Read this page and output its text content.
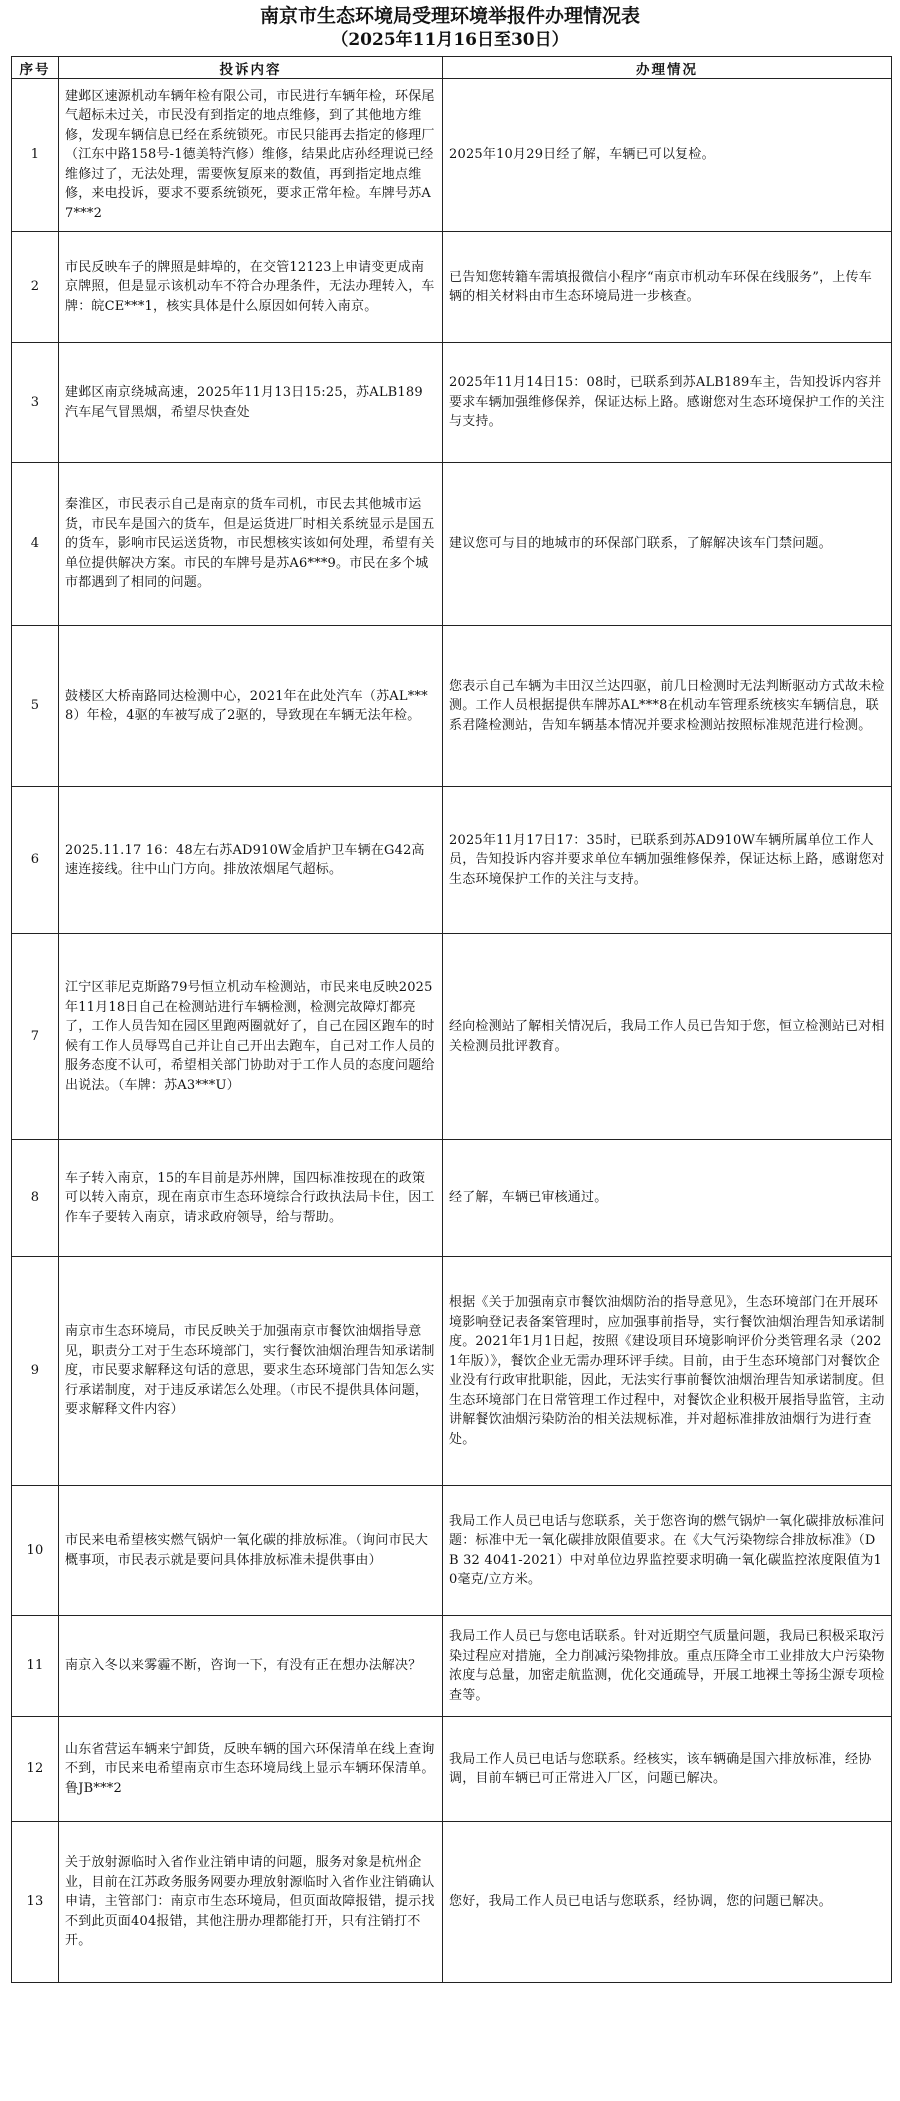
南京市生态环境局受理环境举报件办理情况表
（2025年11月16日至30日）
序号	投诉内容	办理情况
1	建邺区速源机动车辆年检有限公司，市民进行车辆年检，环保尾气超标未过关，市民没有到指定的地点维修，到了其他地方维修，发现车辆信息已经在系统锁死。市民只能再去指定的修理厂（江东中路158号-1德美特汽修）维修，结果此店孙经理说已经维修过了，无法处理，需要恢复原来的数值，再到指定地点维修，来电投诉，要求不要系统锁死，要求正常年检。车牌号苏A7***2	2025年10月29日经了解，车辆已可以复检。
2	市民反映车子的牌照是蚌埠的，在交管12123上申请变更成南京牌照，但是显示该机动车不符合办理条件，无法办理转入，车牌：皖CE***1，核实具体是什么原因如何转入南京。	已告知您转籍车需填报微信小程序“南京市机动车环保在线服务”，上传车辆的相关材料由市生态环境局进一步核查。
3	建邺区南京绕城高速，2025年11月13日15:25，苏ALB189汽车尾气冒黑烟，希望尽快查处	2025年11月14日15：08时，已联系到苏ALB189车主，告知投诉内容并要求车辆加强维修保养，保证达标上路。感谢您对生态环境保护工作的关注与支持。
4	秦淮区，市民表示自己是南京的货车司机，市民去其他城市运货，市民车是国六的货车，但是运货进厂时相关系统显示是国五的货车，影响市民运送货物，市民想核实该如何处理，希望有关单位提供解决方案。市民的车牌号是苏A6***9。市民在多个城市都遇到了相同的问题。	建议您可与目的地城市的环保部门联系，了解解决该车门禁问题。
5	鼓楼区大桥南路同达检测中心，2021年在此处汽车（苏AL***8）年检，4驱的车被写成了2驱的，导致现在车辆无法年检。	您表示自己车辆为丰田汉兰达四驱，前几日检测时无法判断驱动方式故未检测。工作人员根据提供车牌苏AL***8在机动车管理系统核实车辆信息，联系君隆检测站，告知车辆基本情况并要求检测站按照标准规范进行检测。
6	2025.11.17 16：48左右苏AD910W金盾护卫车辆在G42高速连接线。往中山门方向。排放浓烟尾气超标。	2025年11月17日17：35时，已联系到苏AD910W车辆所属单位工作人员，告知投诉内容并要求单位车辆加强维修保养，保证达标上路，感谢您对生态环境保护工作的关注与支持。
7	江宁区菲尼克斯路79号恒立机动车检测站，市民来电反映2025年11月18日自己在检测站进行车辆检测，检测完故障灯都亮了，工作人员告知在园区里跑两圈就好了，自己在园区跑车的时候有工作人员辱骂自己并让自己开出去跑车，自己对工作人员的服务态度不认可，希望相关部门协助对于工作人员的态度问题给出说法。（车牌：苏A3***U）	经向检测站了解相关情况后，我局工作人员已告知于您，恒立检测站已对相关检测员批评教育。
8	车子转入南京，15的车目前是苏州牌，国四标准按现在的政策可以转入南京，现在南京市生态环境综合行政执法局卡住，因工作车子要转入南京，请求政府领导，给与帮助。	经了解，车辆已审核通过。
9	南京市生态环境局，市民反映关于加强南京市餐饮油烟指导意见，职责分工对于生态环境部门，实行餐饮油烟治理告知承诺制度，市民要求解释这句话的意思，要求生态环境部门告知怎么实行承诺制度，对于违反承诺怎么处理。（市民不提供具体问题，要求解释文件内容）	根据《关于加强南京市餐饮油烟防治的指导意见》，生态环境部门在开展环境影响登记表备案管理时，应加强事前指导，实行餐饮油烟治理告知承诺制度。2021年1月1日起，按照《建设项目环境影响评价分类管理名录（2021年版）》，餐饮企业无需办理环评手续。目前，由于生态环境部门对餐饮企业没有行政审批职能，因此，无法实行事前餐饮油烟治理告知承诺制度。但生态环境部门在日常管理工作过程中，对餐饮企业积极开展指导监管，主动讲解餐饮油烟污染防治的相关法规标准，并对超标准排放油烟行为进行查处。
10	市民来电希望核实燃气锅炉一氧化碳的排放标准。（询问市民大概事项，市民表示就是要问具体排放标准未提供事由）	我局工作人员已电话与您联系，关于您咨询的燃气锅炉一氧化碳排放标准问题：标准中无一氧化碳排放限值要求。在《大气污染物综合排放标准》（DB 32 4041-2021）中对单位边界监控要求明确一氧化碳监控浓度限值为10毫克/立方米。
11	南京入冬以来雾霾不断，咨询一下，有没有正在想办法解决？	我局工作人员已与您电话联系。针对近期空气质量问题，我局已积极采取污染过程应对措施，全力削减污染物排放。重点压降全市工业排放大户污染物浓度与总量，加密走航监测，优化交通疏导，开展工地裸土等扬尘源专项检查等。
12	山东省营运车辆来宁卸货，反映车辆的国六环保清单在线上查询不到，市民来电希望南京市生态环境局线上显示车辆环保清单。鲁JB***2	我局工作人员已电话与您联系。经核实，该车辆确是国六排放标准，经协调，目前车辆已可正常进入厂区，问题已解决。
13	关于放射源临时入省作业注销申请的问题，服务对象是杭州企业，目前在江苏政务服务网要办理放射源临时入省作业注销确认申请，主管部门：南京市生态环境局，但页面故障报错，提示找不到此页面404报错，其他注册办理都能打开，只有注销打不开。	您好，我局工作人员已电话与您联系，经协调，您的问题已解决。
